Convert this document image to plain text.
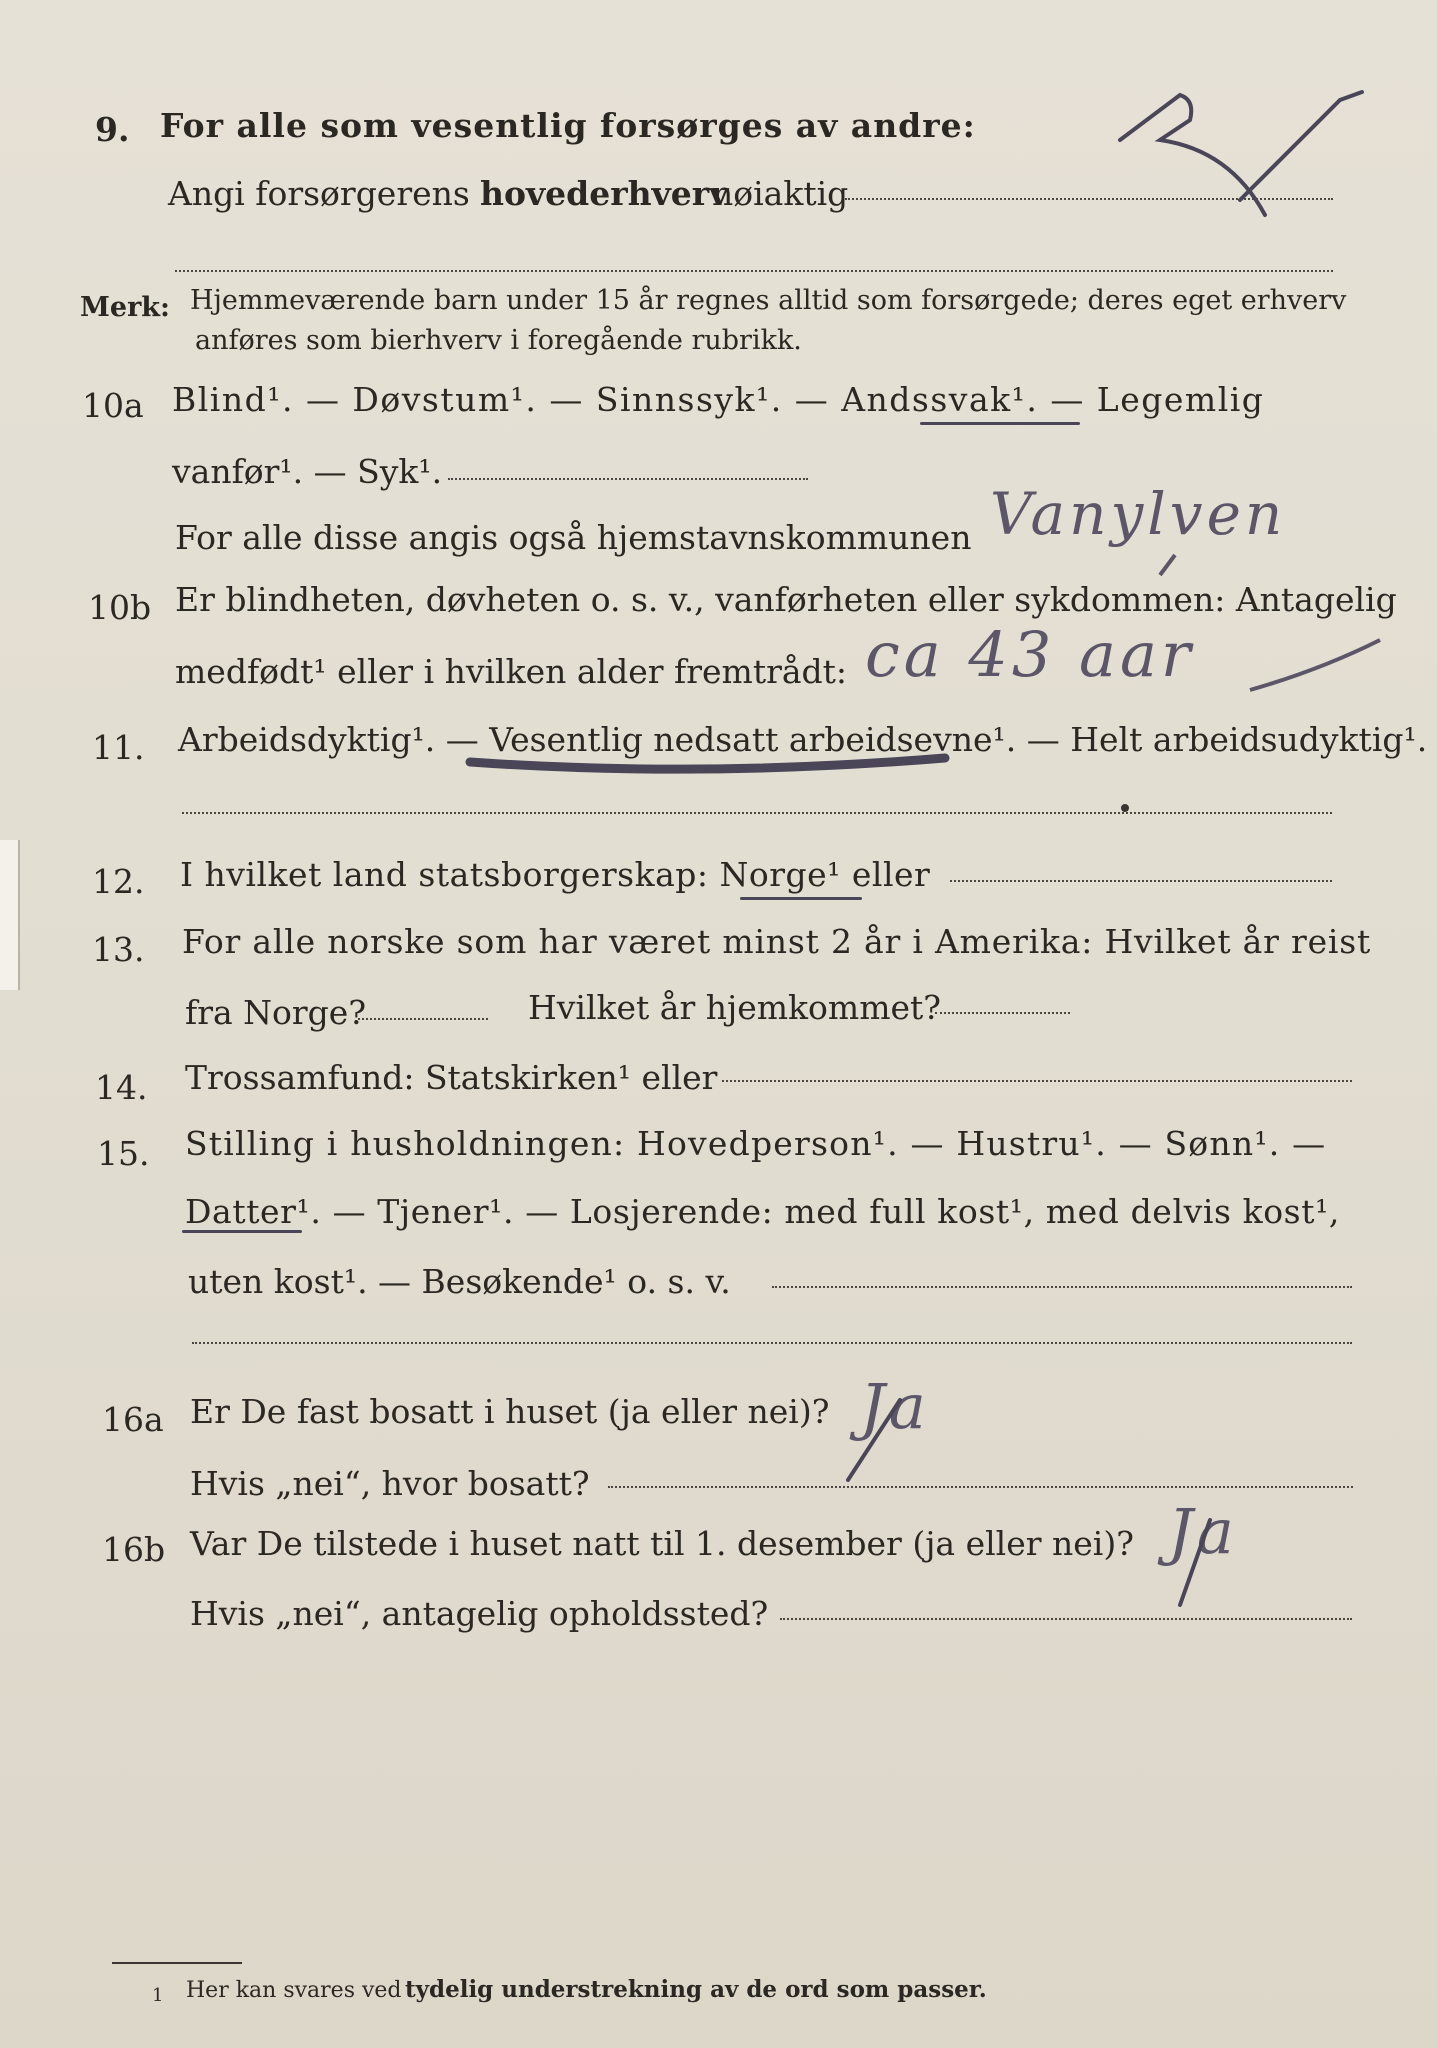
9. For alle som vesentlig forsørges av andre:
Angi forsørgerens hovederhverv
nøiaktig
Merk: Hjemmeværende barn under 15 år regnes alltid som forsørgede; deres eget erhverv
anføres som bierhverv i foregående rubrikk.
10a Blind¹. — Døvstum¹. — Sinnssyk¹. — Andssvak¹. — Legemlig
vanfør¹. — Syk¹.
For alle disse angis også hjemstavnskommunen Vanylven
10b Er blindheten, døvheten o. s. v., vanførheten eller sykdommen: Antagelig
medfødt¹ eller i hvilken alder fremtrådt: ca 43 aar
11. Arbeidsdyktig¹. — Vesentlig nedsatt arbeidsevne¹. — Helt arbeidsudyktig¹.
12. I hvilket land statsborgerskap: Norge¹ eller
13. For alle norske som har været minst 2 år i Amerika: Hvilket år reist
fra Norge?	Hvilket år hjemkommet?
14. Trossamfund: Statskirken¹ eller
15. Stilling i husholdningen: Hovedperson¹. — Hustru¹. — Sønn¹. —
Datter¹. — Tjener¹. — Losjerende: med full kost¹, med delvis kost¹,
uten kost¹. — Besøkende¹ o. s. v.
16a Er De fast bosatt i huset (ja eller nei)? Ja
Hvis „nei“, hvor bosatt?
16b Var De tilstede i huset natt til 1. desember (ja eller nei)? Ja
Hvis „nei“, antagelig opholdssted?
1 Her kan svares ved tydelig understrekning av de ord som passer.
